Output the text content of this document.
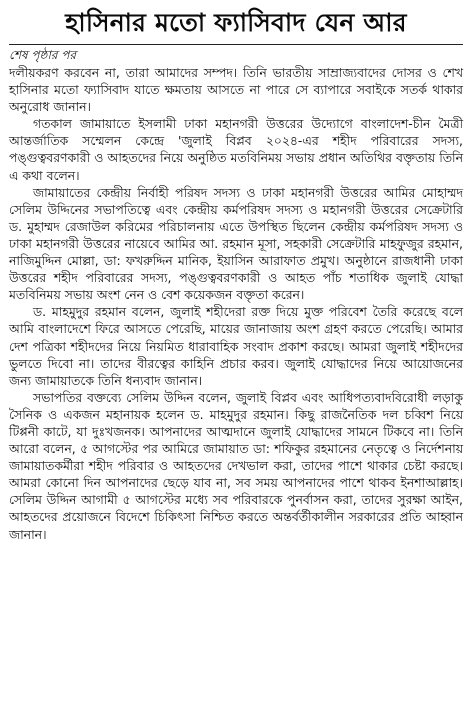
হাসিনার মতো ফ্যাসিবাদ যেন আর
শেষ পৃষ্ঠার পর

দলীয়করণ করবেন না, তারা আমাদের সম্পদ। তিনি ভারতীয় সাম্রাজ্যবাদের দোসর ও শেখ হাসিনার মতো ফ্যাসিবাদ যাতে ক্ষমতায় আসতে না পারে সে ব্যাপারে সবাইকে সতর্ক থাকার অনুরোধ জানান।

গতকাল জামায়াতে ইসলামী ঢাকা মহানগরী উত্তরের উদ্যোগে বাংলাদেশ-চীন মৈত্রী আন্তর্জাতিক সম্মেলন কেন্দ্রে 'জুলাই বিপ্লব ২০২৪-এর শহীদ পরিবারের সদস্য, পঙ্গুত্ববরণকারী ও আহতদের নিয়ে অনুষ্ঠিত মতবিনিময় সভায় প্রধান অতিথির বক্তৃতায় তিনি এ কথা বলেন।

জামায়াতের কেন্দ্রীয় নির্বাহী পরিষদ সদস্য ও ঢাকা মহানগরী উত্তরের আমির মোহাম্মদ সেলিম উদ্দিনের সভাপতিত্বে এবং কেন্দ্রীয় কর্মপরিষদ সদস্য ও মহানগরী উত্তরের সেক্রেটারি ড. মুহাম্মদ রেজাউল করিমের পরিচালনায় এতে উপস্থিত ছিলেন কেন্দ্রীয় কর্মপরিষদ সদস্য ও ঢাকা মহানগরী উত্তরের নায়েবে আমির আ. রহমান মূসা, সহকারী সেক্রেটারি মাহফুজুর রহমান, নাজিমুদ্দিন মোল্লা, ডা: ফখরুদ্দিন মানিক, ইয়াসিন আরাফাত প্রমুখ। অনুষ্ঠানে রাজধানী ঢাকা উত্তরের শহীদ পরিবারের সদস্য, পঙ্গুত্ববরণকারী ও আহত পাঁচ শতাধিক জুলাই যোদ্ধা মতবিনিময় সভায় অংশ নেন ও বেশ কয়েকজন বক্তৃতা করেন।

ড. মাহমুদুর রহমান বলেন, জুলাই শহীদেরা রক্ত দিয়ে মুক্ত পরিবেশ তৈরি করেছে বলে আমি বাংলাদেশে ফিরে আসতে পেরেছি, মায়ের জানাজায় অংশ গ্রহণ করতে পেরেছি। আমার দেশ পত্রিকা শহীদদের নিয়ে নিয়মিত ধারাবাহিক সংবাদ প্রকাশ করছে। আমরা জুলাই শহীদদের ভুলতে দিবো না। তাদের বীরত্বের কাহিনি প্রচার করব। জুলাই যোদ্ধাদের নিয়ে আয়োজনের জন্য জামায়াতকে তিনি ধন্যবাদ জানান।

সভাপতির বক্তব্যে সেলিম উদ্দিন বলেন, জুলাই বিপ্লব এবং আধিপত্যবাদবিরোধী লড়াকু সৈনিক ও একজন মহানায়ক হলেন ড. মাহমুদুর রহমান। কিছু রাজনৈতিক দল চব্বিশ নিয়ে টিপ্পনী কাটে, যা দুঃখজনক। আপনাদের আত্মদানে জুলাই যোদ্ধাদের সামনে টিকবে না। তিনি আরো বলেন, ৫ আগস্টের পর আমিরে জামায়াত ডা: শফিকুর রহমানের নেতৃত্বে ও নির্দেশনায় জামায়াতকর্মীরা শহীদ পরিবার ও আহতদের দেখভাল করা, তাদের পাশে থাকার চেষ্টা করছে। আমরা কোনো দিন আপনাদের ছেড়ে যাব না, সব সময় আপনাদের পাশে থাকব ইনশাআল্লাহ। সেলিম উদ্দিন আগামী ৫ আগস্টের মধ্যে সব পরিবারকে পুনর্বাসন করা, তাদের সুরক্ষা আইন, আহতদের প্রয়োজনে বিদেশে চিকিৎসা নিশ্চিত করতে অন্তর্বর্তীকালীন সরকারের প্রতি আহ্বান জানান।
